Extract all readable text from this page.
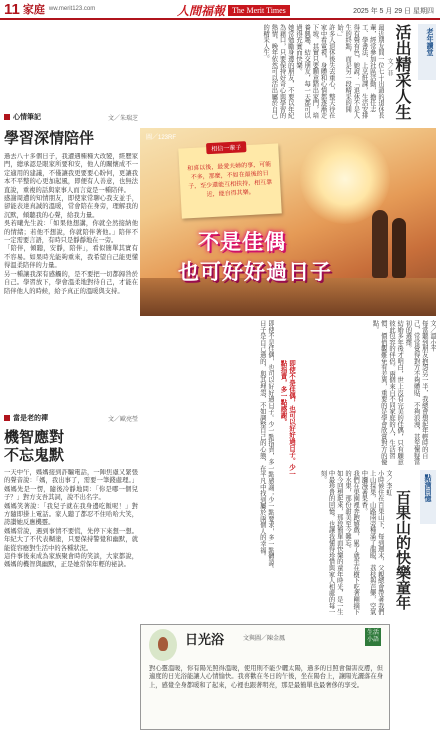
11 家庭 ww.merit123.com	人間福報 The Merit Times	2025 年 5 月 29 日 星期四
老年讀堂
活出精采人生
文／菲

最近朋友間一位七十出頭的退休長輩，經常參加社區活動，擔任志工、學書法、上烹飪課，生活安排得有聲有色，她說：「退休不是人生的終點，而是另一段精采的開始。」

許多人退休後失去重心，整天待在家中看電視，身體和心情都逐漸走下坡。其實只要願意踏出家門，培養興趣、結交朋友，每一天都可以過得充實而快樂。

她常勉勵身邊的朋友，不要以年紀為藉口，只要保持好奇心與學習的熱情，晚年依然可以活出屬於自己的精采人生。

圖／123RF
相信一輩子

和喜以後，最愛夫婦的事，可能不多，那麼，不如在最後的日子，至少還能互相扶持，相互靠近，能自得其樂。

不是佳偶
也可好好過日子
心情筆記	文／朱瑞芝
學習深情陪伴

過去八十多個日子，我遭遇種種大改變，經歷家門，總承認是眼家所要和安，他人的關懷成不一定適用的建議，不僅讓我更要要心盼何，更讓我本不平整的心更加起風，即便有人善意，也無法直說，重複的話與家事人而言竟是一種陪伴。

感謝周遭的知情朋友，即使家常聊心我支並手，卻能表達真誠的溫暖，常會陪在身旁，理解我的沉默，傾聽我的心聲，給我力量。

吳若曦先生說：「如果他想講，你就全然接納他的情緒；若他不想說，你就陪伴著他。」陪伴不一定需要言語，有時只是靜靜地在一旁。

「陪伴，傾聽，安靜，陪伴」，看似簡單其實有不容易。如果時光能夠重來，我希望自己能更懂得溫柔陪伴的力量。

另一種讓我深有感觸的，是不要把一切都歸咎於自己。學習放下，學會溫柔地對待自己，才能在陪伴他人的時候，給予真正的溫暖與支持。

當是老的禪	文／歐亮瑩
機智應對
不忘鬼默

一天中午，媽媽接到詐騙電話，一陣焦慮又緊張的聲音說：「媽，我出事了，需要一筆錢處理。」媽媽先是一愣，隨後冷靜地問：「你是哪一個兒子？」對方支吾其詞，說不出名字。

媽媽笑著說：「我兒子就在我身邊吃飯呢！」對方隨即掛上電話。家人聽了都忍不住哈哈大笑，誇讚她反應機靈。

媽媽常說，遇到事情不要慌，先停下來想一想。年紀大了不代表糊塗，只要保持警覺和幽默，就能從容應對生活中的各種狀況。

這件事後來成為家族聚會時的笑談，大家都說，媽媽的機智與幽默，正是她常保年輕的祕訣。

點滴回憶
百果山的快樂童年

文／李虹

小時候住在百果山下，每到週末，父親總會帶著我們上山採果，山路兩旁種滿了龍眼、荔枝與芭樂，空氣中瀰漫著果香。

我們在果園裡奔跑嬉戲，累了就坐在樹下吃著剛摘下的水果，那份甜美至今難忘。

如今回想起來，那段簡單而快樂的童年時光，是一生中最珍貴的回憶，也讓我懂得珍惜與家人相處的每一刻。

文／溫小平

每當聽到朋友抱怨另一半，我總會想起年輕時的自己，常常覺得對方不夠體貼、不夠浪漫，甚至懷疑當初的選擇。

結婚多年後才明白，世上沒有完美的佳偶，只有願意彼此包容的伴侶。兩個來自不同家庭的人，生活習慣、價值觀難免有差異，重要的是學會欣賞對方的優點。

即使不是佳偶，也可以好好過日子。少一點指責，多一點感謝。

即使不是佳偶，也可以好好過日子。少一點指責，多一點感謝；少一點要求，多一點體諒。

日子是自己過的，與其埋怨，不如調整自己的心態，在平凡中找到屬於兩個人的幸福。

日光浴	文與圖／陳金鳳
生活小語
對心靈溫暖，你有陽光照得溫暖，使用則不能少曬太陽，過多的日照會傷害皮膚，但適度的日光浴能讓人心情愉快。我喜歡在冬日的午後，坐在陽台上，讓陽光灑落在身上，感覺全身都暖和了起來，心裡也跟著明亮，那是最簡單也最奢侈的享受。
